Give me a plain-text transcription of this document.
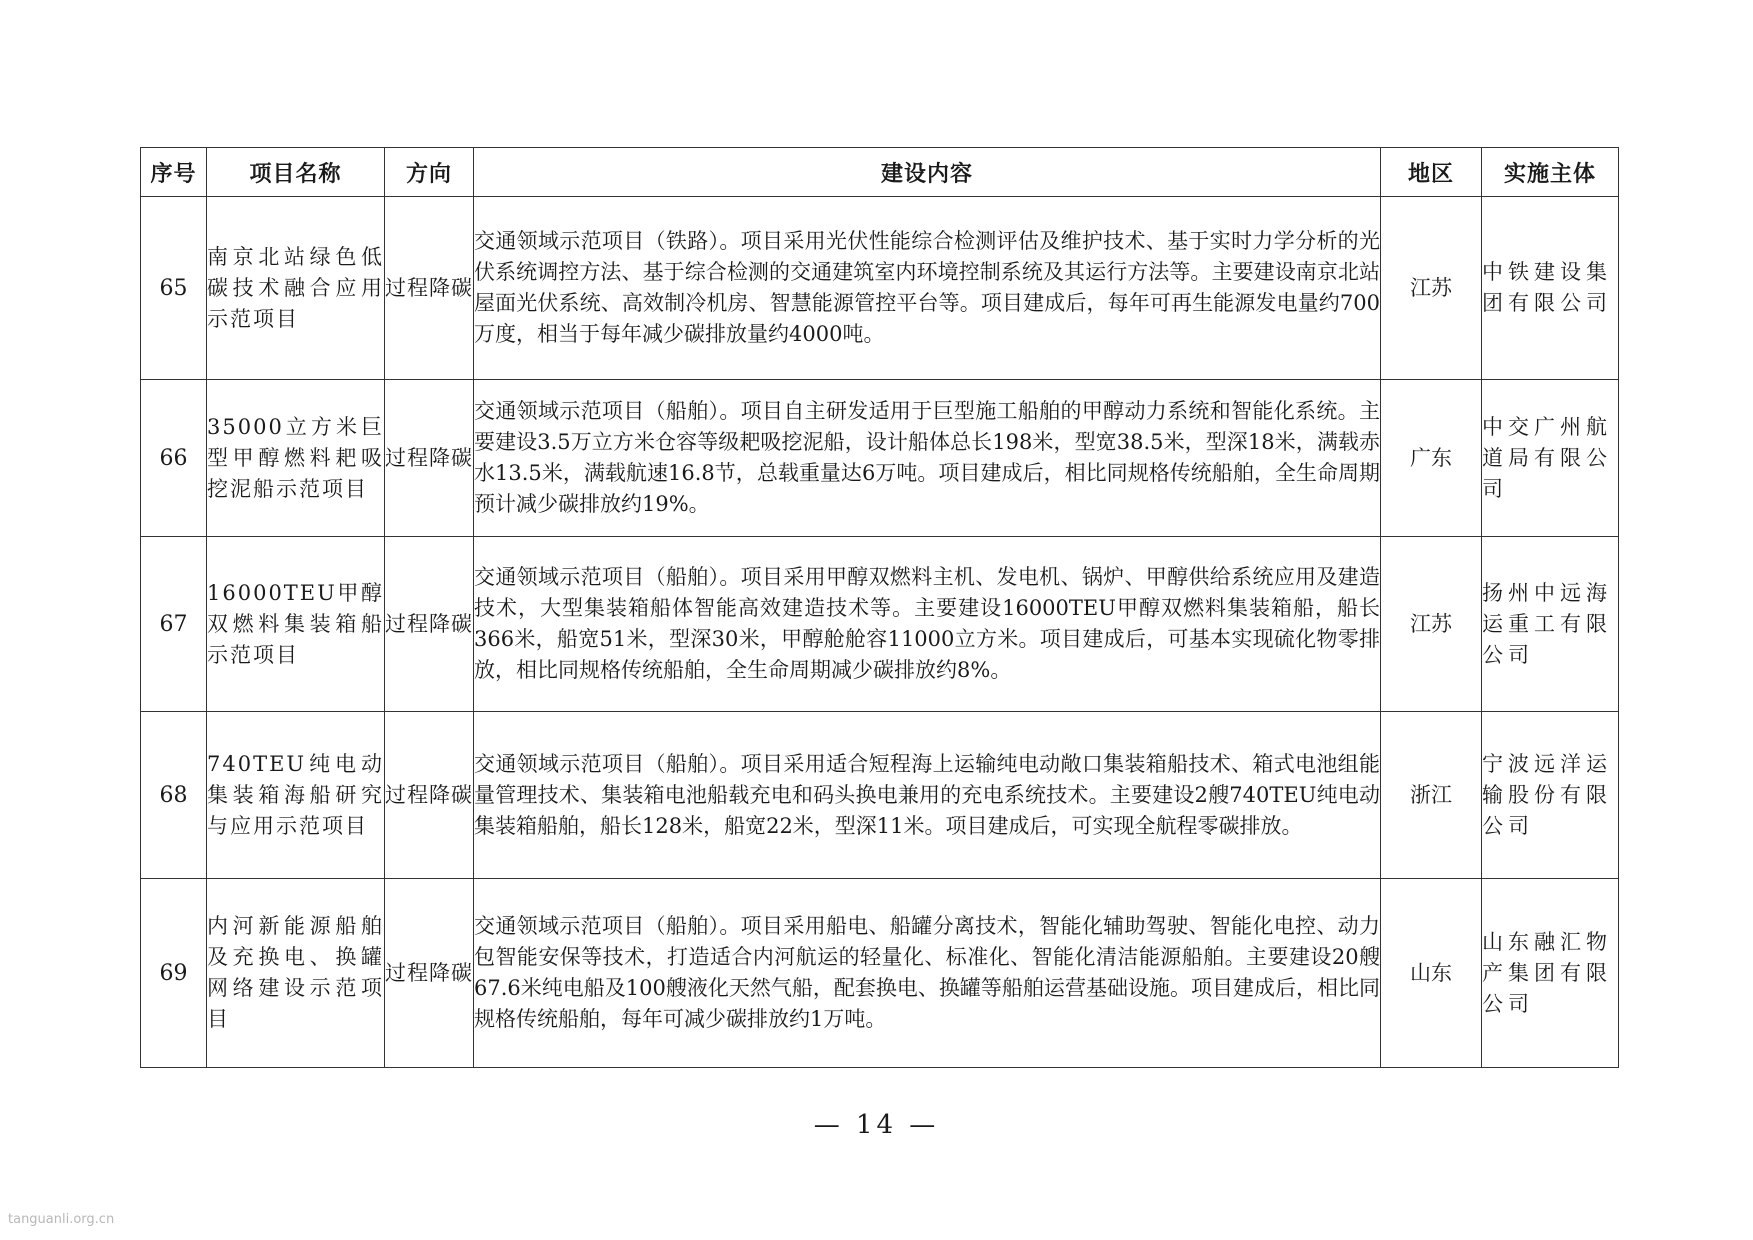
序号	项目名称	方向	建设内容	地区	实施主体
65	南京北站绿色低碳技术融合应用示范项目	过程降碳	交通领域示范项目（铁路）。项目采用光伏性能综合检测评估及维护技术、基于实时力学分析的光伏系统调控方法、基于综合检测的交通建筑室内环境控制系统及其运行方法等。主要建设南京北站屋面光伏系统、高效制冷机房、智慧能源管控平台等。项目建成后，每年可再生能源发电量约700万度，相当于每年减少碳排放量约4000吨。	江苏	中铁建设集团有限公司
66	35000立方米巨型甲醇燃料耙吸挖泥船示范项目	过程降碳	交通领域示范项目（船舶）。项目自主研发适用于巨型施工船舶的甲醇动力系统和智能化系统。主要建设3.5万立方米仓容等级耙吸挖泥船，设计船体总长198米，型宽38.5米，型深18米，满载赤水13.5米，满载航速16.8节，总载重量达6万吨。项目建成后，相比同规格传统船舶，全生命周期预计减少碳排放约19%。	广东	中交广州航道局有限公司
67	16000TEU甲醇双燃料集装箱船示范项目	过程降碳	交通领域示范项目（船舶）。项目采用甲醇双燃料主机、发电机、锅炉、甲醇供给系统应用及建造技术，大型集装箱船体智能高效建造技术等。主要建设16000TEU甲醇双燃料集装箱船，船长366米，船宽51米，型深30米，甲醇舱舱容11000立方米。项目建成后，可基本实现硫化物零排放，相比同规格传统船舶，全生命周期减少碳排放约8%。	江苏	扬州中远海运重工有限公司
68	740TEU纯电动集装箱海船研究与应用示范项目	过程降碳	交通领域示范项目（船舶）。项目采用适合短程海上运输纯电动敞口集装箱船技术、箱式电池组能量管理技术、集装箱电池船载充电和码头换电兼用的充电系统技术。主要建设2艘740TEU纯电动集装箱船舶，船长128米，船宽22米，型深11米。项目建成后，可实现全航程零碳排放。	浙江	宁波远洋运输股份有限公司
69	内河新能源船舶及充换电、换罐网络建设示范项目	过程降碳	交通领域示范项目（船舶）。项目采用船电、船罐分离技术，智能化辅助驾驶、智能化电控、动力包智能安保等技术，打造适合内河航运的轻量化、标准化、智能化清洁能源船舶。主要建设20艘67.6米纯电船及100艘液化天然气船，配套换电、换罐等船舶运营基础设施。项目建成后，相比同规格传统船舶，每年可减少碳排放约1万吨。	山东	山东融汇物产集团有限公司
— 14 —
tanguanli.org.cn
